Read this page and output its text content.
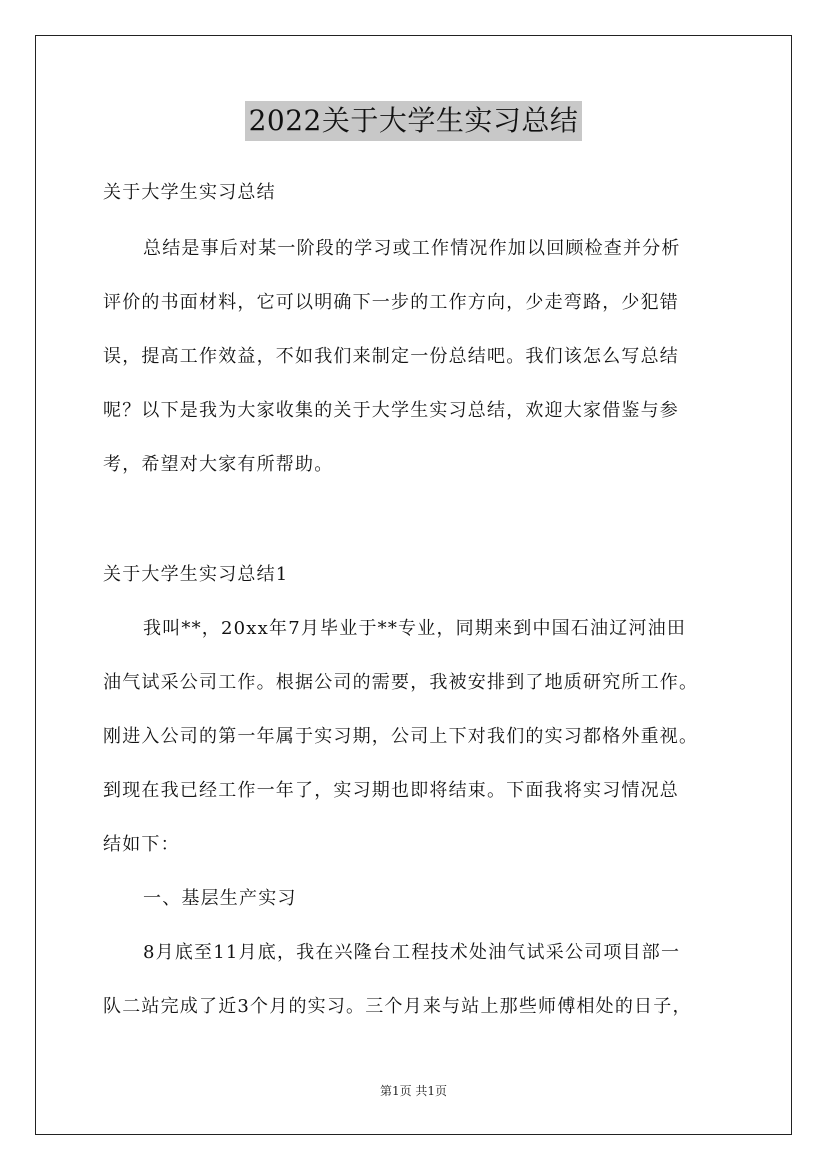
2022关于大学生实习总结
关于大学生实习总结
总结是事后对某一阶段的学习或工作情况作加以回顾检查并分析
评价的书面材料，它可以明确下一步的工作方向，少走弯路，少犯错
误，提高工作效益，不如我们来制定一份总结吧。我们该怎么写总结
呢？以下是我为大家收集的关于大学生实习总结，欢迎大家借鉴与参
考，希望对大家有所帮助。
关于大学生实习总结1
我叫**，20xx年7月毕业于**专业，同期来到中国石油辽河油田
油气试采公司工作。根据公司的需要，我被安排到了地质研究所工作。
刚进入公司的第一年属于实习期，公司上下对我们的实习都格外重视。
到现在我已经工作一年了，实习期也即将结束。下面我将实习情况总
结如下：
一、基层生产实习
8月底至11月底，我在兴隆台工程技术处油气试采公司项目部一
队二站完成了近3个月的实习。三个月来与站上那些师傅相处的日子，
第1页 共1页
